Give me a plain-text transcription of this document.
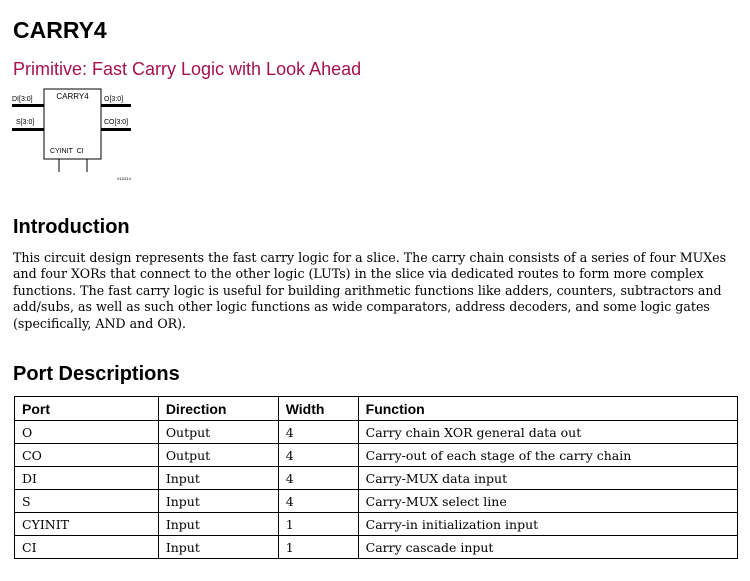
CARRY4
Primitive: Fast Carry Logic with Look Ahead
CARRY4
DI[3:0]
S[3:0]
O[3:0]
CO[3:0]
CYINIT  CI
X10314
Introduction

This circuit design represents the fast carry logic for a slice. The carry chain consists of a series of four MUXes and four XORs that connect to the other logic (LUTs) in the slice via dedicated routes to form more complex functions. The fast carry logic is useful for building arithmetic functions like adders, counters, subtractors and add/subs, as well as such other logic functions as wide comparators, address decoders, and some logic gates (specifically, AND and OR).

Port Descriptions
Port	Direction	Width	Function
O	Output	4	Carry chain XOR general data out
CO	Output	4	Carry-out of each stage of the carry chain
DI	Input	4	Carry-MUX data input
S	Input	4	Carry-MUX select line
CYINIT	Input	1	Carry-in initialization input
CI	Input	1	Carry cascade input
